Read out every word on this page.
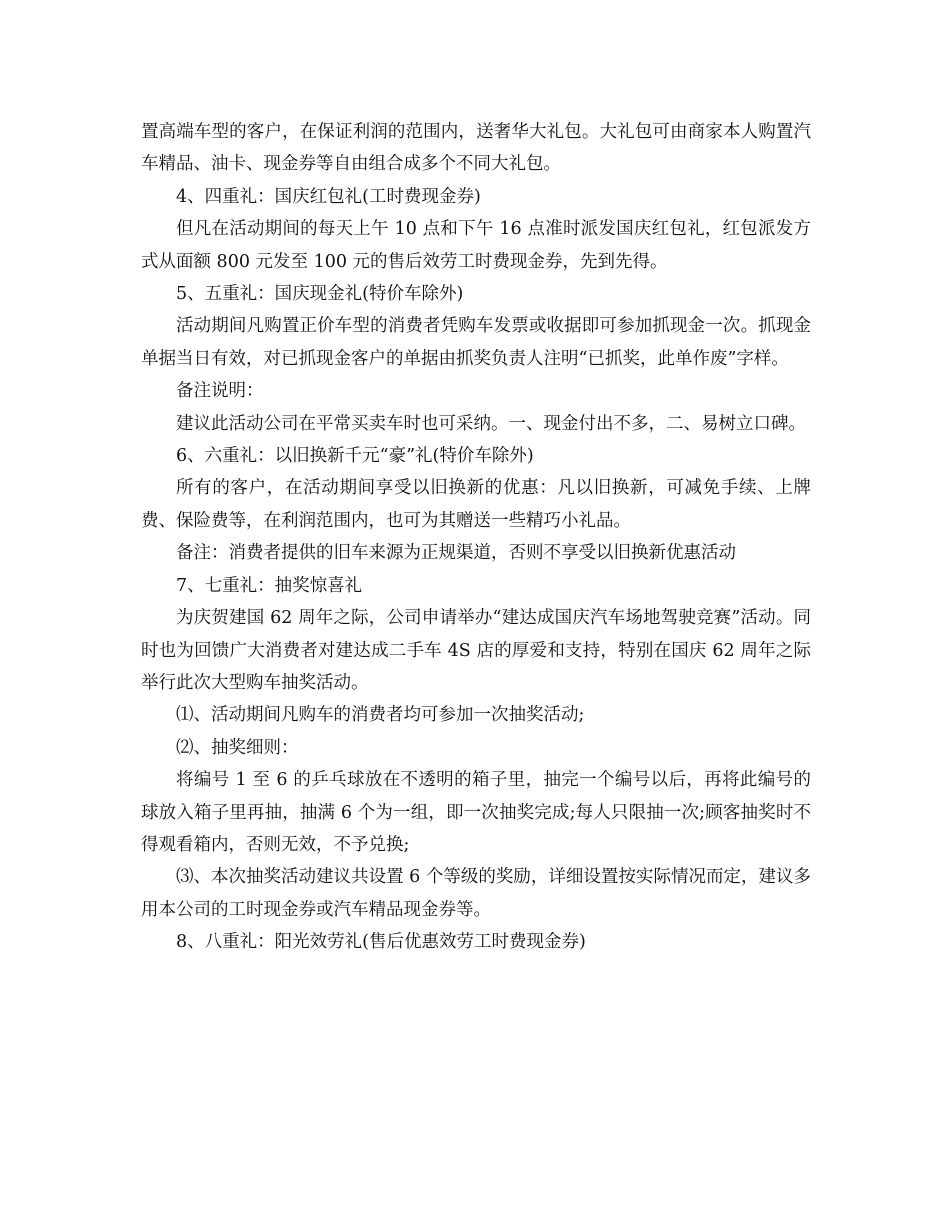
置高端车型的客户，在保证利润的范围内，送奢华大礼包。大礼包可由商家本人购置汽车精品、油卡、现金券等自由组合成多个不同大礼包。

4、四重礼：国庆红包礼(工时费现金券)

但凡在活动期间的每天上午 10 点和下午 16 点准时派发国庆红包礼，红包派发方式从面额 800 元发至 100 元的售后效劳工时费现金券，先到先得。

5、五重礼：国庆现金礼(特价车除外)

活动期间凡购置正价车型的消费者凭购车发票或收据即可参加抓现金一次。抓现金单据当日有效，对已抓现金客户的单据由抓奖负责人注明“已抓奖，此单作废”字样。

备注说明：

建议此活动公司在平常买卖车时也可采纳。一、现金付出不多，二、易树立口碑。

6、六重礼：以旧换新千元“豪”礼(特价车除外)

所有的客户，在活动期间享受以旧换新的优惠：凡以旧换新，可减免手续、上牌费、保险费等，在利润范围内，也可为其赠送一些精巧小礼品。

备注：消费者提供的旧车来源为正规渠道，否则不享受以旧换新优惠活动

7、七重礼：抽奖惊喜礼

为庆贺建国 62 周年之际，公司申请举办“建达成国庆汽车场地驾驶竞赛”活动。同时也为回馈广大消费者对建达成二手车 4S 店的厚爱和支持，特别在国庆 62 周年之际举行此次大型购车抽奖活动。

⑴、活动期间凡购车的消费者均可参加一次抽奖活动;

⑵、抽奖细则：

将编号 1 至 6 的乒乓球放在不透明的箱子里，抽完一个编号以后，再将此编号的球放入箱子里再抽，抽满 6 个为一组，即一次抽奖完成;每人只限抽一次;顾客抽奖时不得观看箱内，否则无效，不予兑换;

⑶、本次抽奖活动建议共设置 6 个等级的奖励，详细设置按实际情况而定，建议多用本公司的工时现金券或汽车精品现金券等。

8、八重礼：阳光效劳礼(售后优惠效劳工时费现金券)
